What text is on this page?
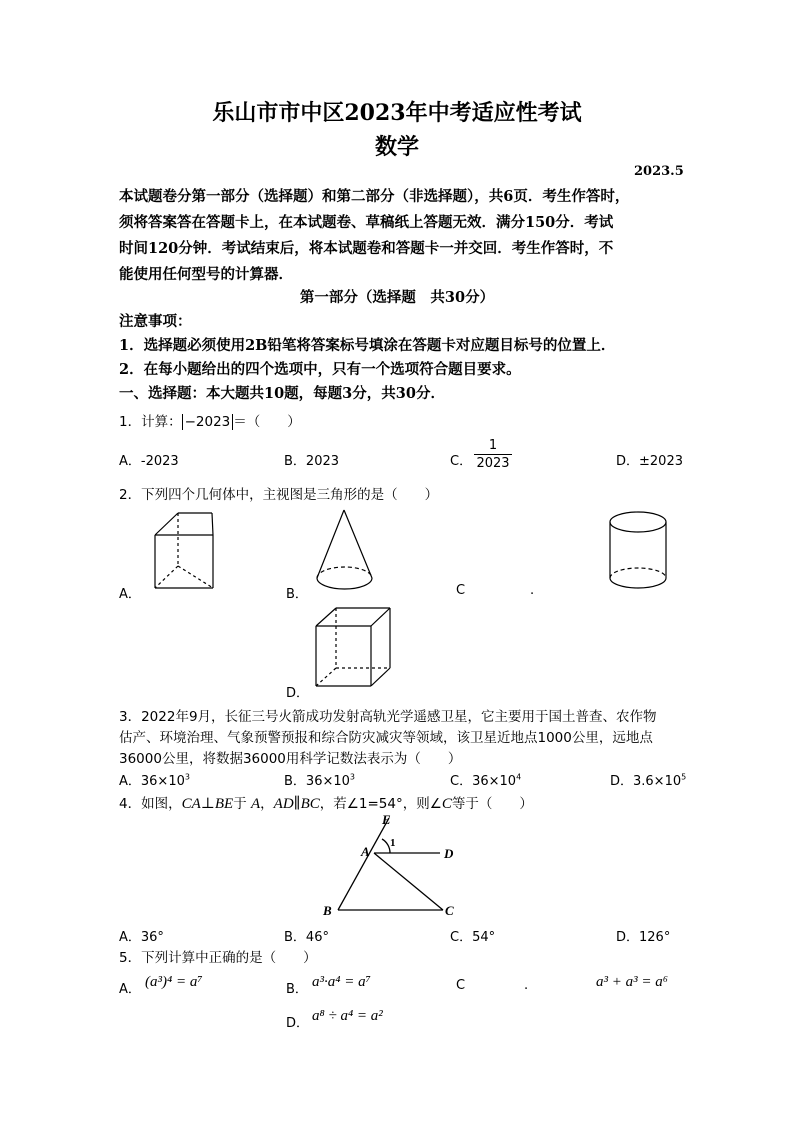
乐山市市中区2023年中考适应性考试
数学
2023.5
本试题卷分第一部分（选择题）和第二部分（非选择题），共6页．考生作答时，
须将答案答在答题卡上，在本试题卷、草稿纸上答题无效．满分150分．考试
时间120分钟．考试结束后，将本试题卷和答题卡一并交回．考生作答时，不
能使用任何型号的计算器．
第一部分（选择题　共30分）
注意事项：
1．选择题必须使用2B铅笔将答案标号填涂在答题卡对应题目标号的位置上．
2．在每小题给出的四个选项中，只有一个选项符合题目要求。
一、选择题：本大题共10题，每题3分，共30分．
1．计算： −2023 ＝（　　）
A．-2023	B．2023	C． $\frac{1}{2023}$	D．±2023
2．下列四个几何体中，主视图是三角形的是（　　）
A．	B．	C	.
D．
3．2022年9月，长征三号火箭成功发射高轨光学遥感卫星，它主要用于国土普查、农作物
估产、环境治理、气象预警预报和综合防灾减灾等领域，该卫星近地点1000公里，远地点
36000公里，将数据36000用科学记数法表示为（　　）
A．$36\times 10^3$	B．$36\times 10^3$	C．$36\times 10^4$	D．$3.6\times 10^5$
4．如图，CA⊥BE于 A，AD∥BC，若∠1=54°，则∠C等于（　　）
E
A
1
D
B	C
A．36°	B．46°	C．54°	D．126°
5．下列计算中正确的是（　　）
A． (a³)⁴ = a⁷	B． a³·a⁴ = a⁷	C	.	a³ + a³ = a⁶
D． a⁸ ÷ a⁴ = a²
